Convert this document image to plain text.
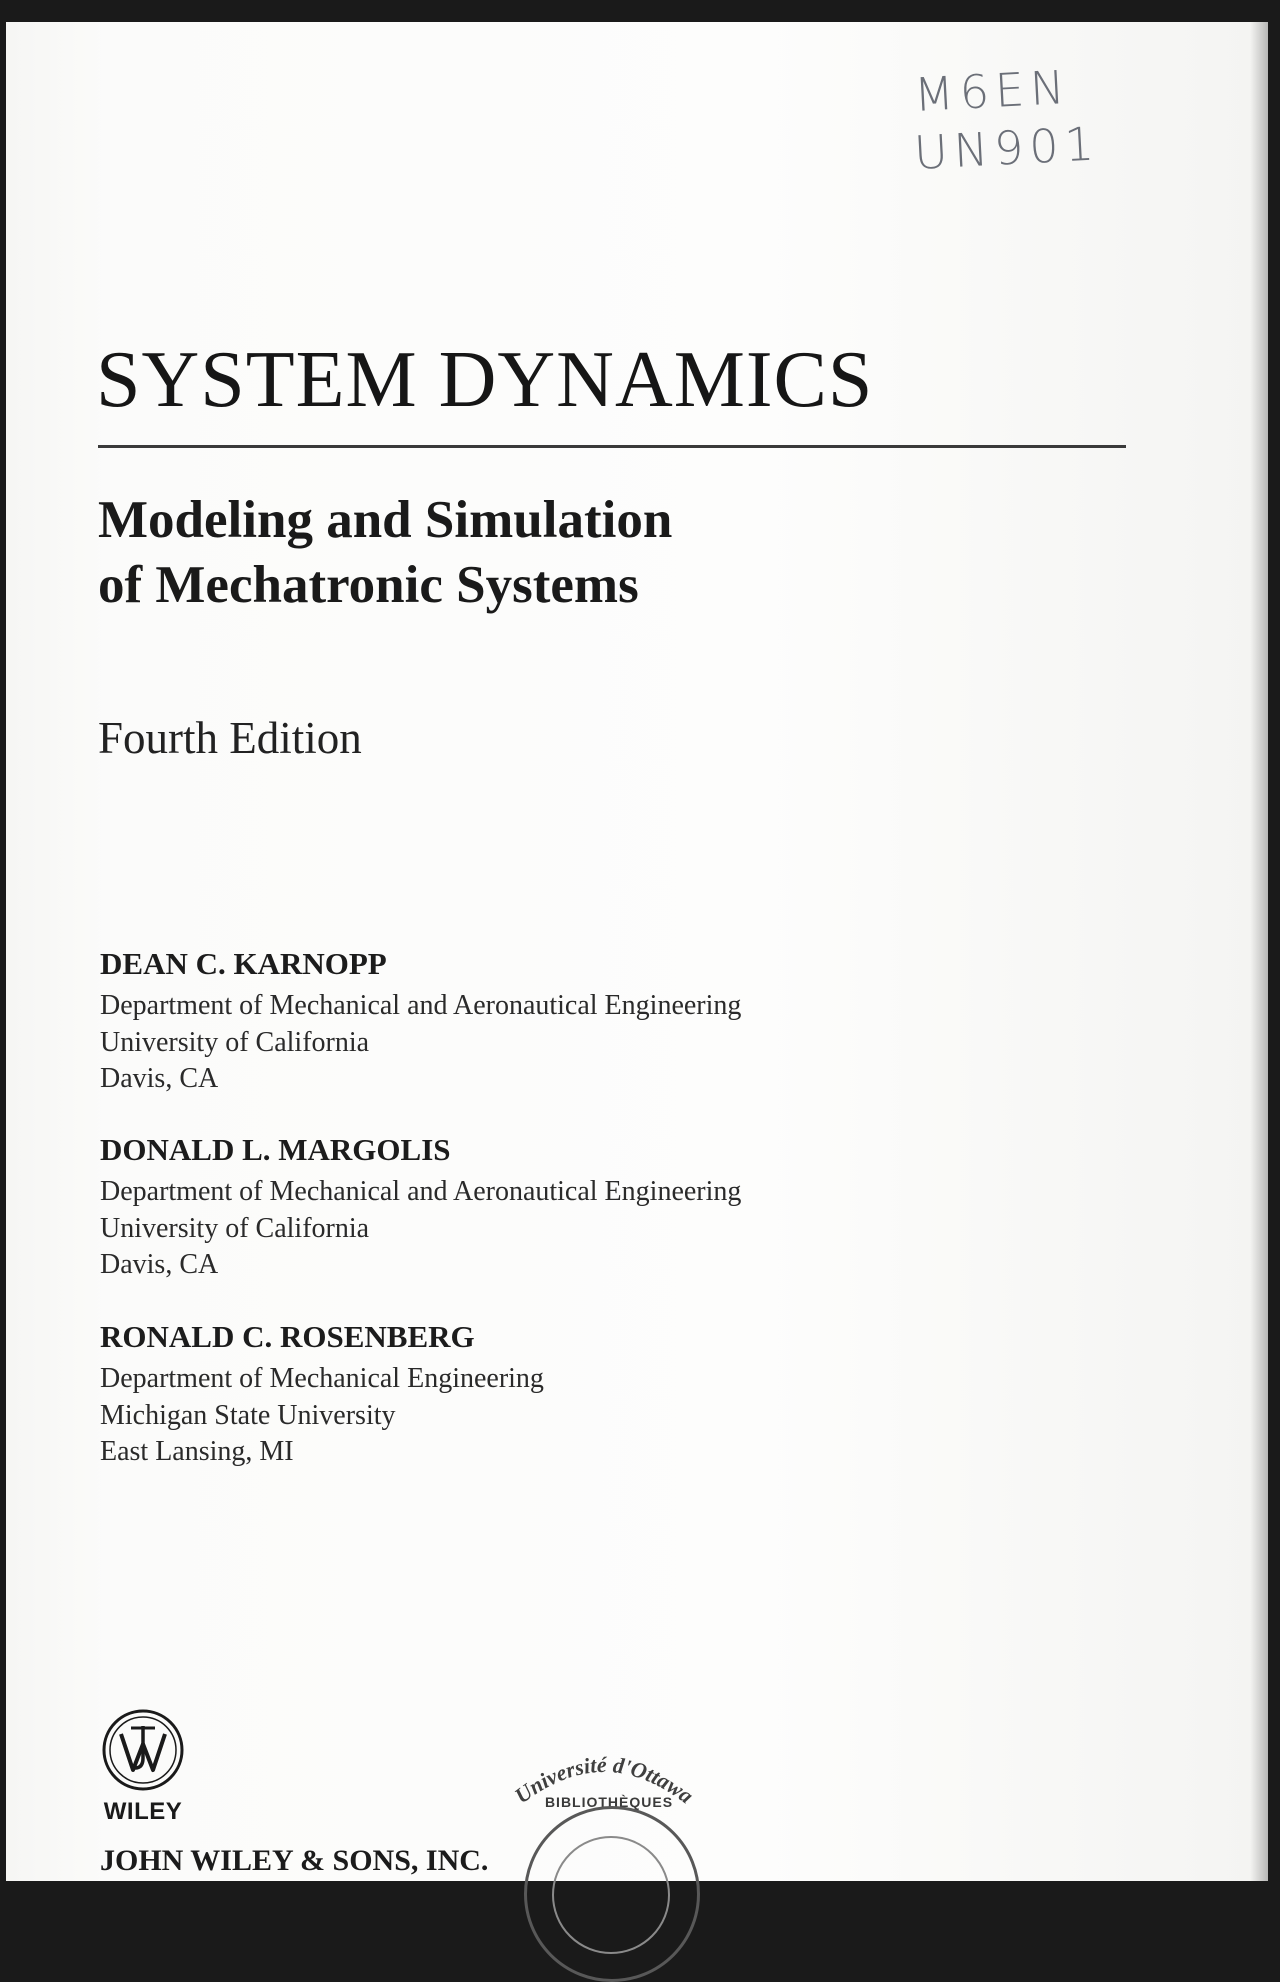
M6EN
UN901
SYSTEM DYNAMICS
Modeling and Simulation
of Mechatronic Systems
Fourth Edition
DEAN C. KARNOPP
Department of Mechanical and Aeronautical Engineering
University of California
Davis, CA
DONALD L. MARGOLIS
Department of Mechanical and Aeronautical Engineering
University of California
Davis, CA
RONALD C. ROSENBERG
Department of Mechanical Engineering
Michigan State University
East Lansing, MI
WILEY
JOHN WILEY & SONS, INC.
Université d'Ottawa
BIBLIOTHÈQUES
